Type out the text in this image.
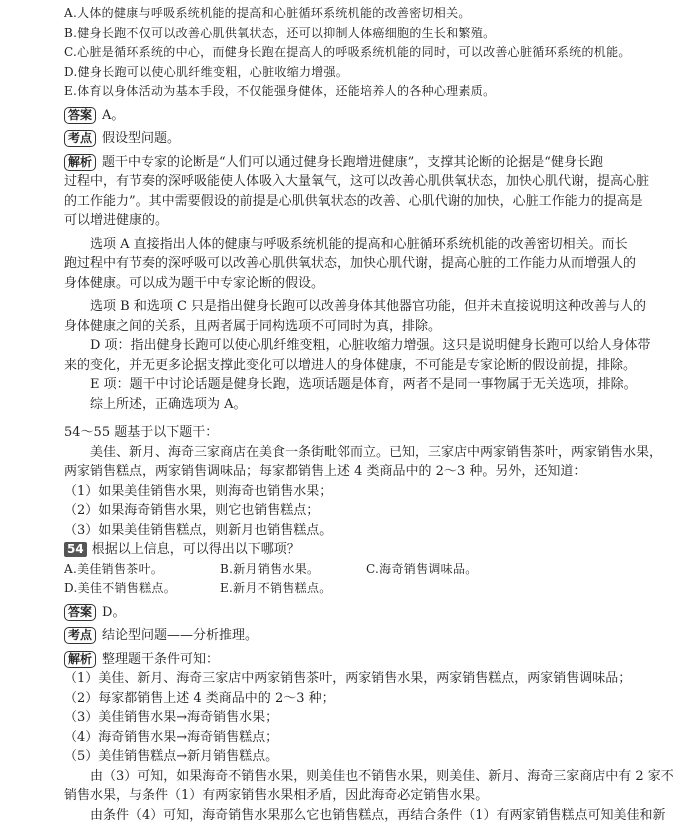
A.人体的健康与呼吸系统机能的提高和心脏循环系统机能的改善密切相关。
B.健身长跑不仅可以改善心肌供氧状态，还可以抑制人体癌细胞的生长和繁殖。
C.心脏是循环系统的中心，而健身长跑在提高人的呼吸系统机能的同时，可以改善心脏循环系统的机能。
D.健身长跑可以使心肌纤维变粗，心脏收缩力增强。
E.体育以身体活动为基本手段，不仅能强身健体，还能培养人的各种心理素质。
答案 A。
考点 假设型问题。
解析 题干中专家的论断是“人们可以通过健身长跑增进健康”，支撑其论断的论据是“健身长跑
过程中，有节奏的深呼吸能使人体吸入大量氧气，这可以改善心肌供氧状态，加快心肌代谢，提高心脏
的工作能力”。其中需要假设的前提是心肌供氧状态的改善、心肌代谢的加快，心脏工作能力的提高是
可以增进健康的。
选项 A 直接指出人体的健康与呼吸系统机能的提高和心脏循环系统机能的改善密切相关。而长
跑过程中有节奏的深呼吸可以改善心肌供氧状态，加快心肌代谢，提高心脏的工作能力从而增强人的
身体健康。可以成为题干中专家论断的假设。
选项 B 和选项 C 只是指出健身长跑可以改善身体其他器官功能，但并未直接说明这种改善与人的
身体健康之间的关系，且两者属于同构选项不可同时为真，排除。
D 项：指出健身长跑可以使心肌纤维变粗，心脏收缩力增强。这只是说明健身长跑可以给人身体带
来的变化，并无更多论据支撑此变化可以增进人的身体健康，不可能是专家论断的假设前提，排除。
E 项：题干中讨论话题是健身长跑，选项话题是体育，两者不是同一事物属于无关选项，排除。
综上所述，正确选项为 A。
54～55 题基于以下题干：
美佳、新月、海奇三家商店在美食一条街毗邻而立。已知，三家店中两家销售茶叶，两家销售水果，
两家销售糕点，两家销售调味品；每家都销售上述 4 类商品中的 2～3 种。另外，还知道：
（1）如果美佳销售水果，则海奇也销售水果；
（2）如果海奇销售水果，则它也销售糕点；
（3）如果美佳销售糕点，则新月也销售糕点。
54 根据以上信息，可以得出以下哪项？
A.美佳销售茶叶。	B.新月销售水果。	C.海奇销售调味品。
D.美佳不销售糕点。	E.新月不销售糕点。
答案 D。
考点 结论型问题——分析推理。
解析 整理题干条件可知：
（1）美佳、新月、海奇三家店中两家销售茶叶，两家销售水果，两家销售糕点，两家销售调味品；
（2）每家都销售上述 4 类商品中的 2～3 种；
（3）美佳销售水果→海奇销售水果；
（4）海奇销售水果→海奇销售糕点；
（5）美佳销售糕点→新月销售糕点。
由（3）可知，如果海奇不销售水果，则美佳也不销售水果，则美佳、新月、海奇三家商店中有 2 家不
销售水果，与条件（1）有两家销售水果相矛盾，因此海奇必定销售水果。
由条件（4）可知，海奇销售水果那么它也销售糕点，再结合条件（1）有两家销售糕点可知美佳和新
